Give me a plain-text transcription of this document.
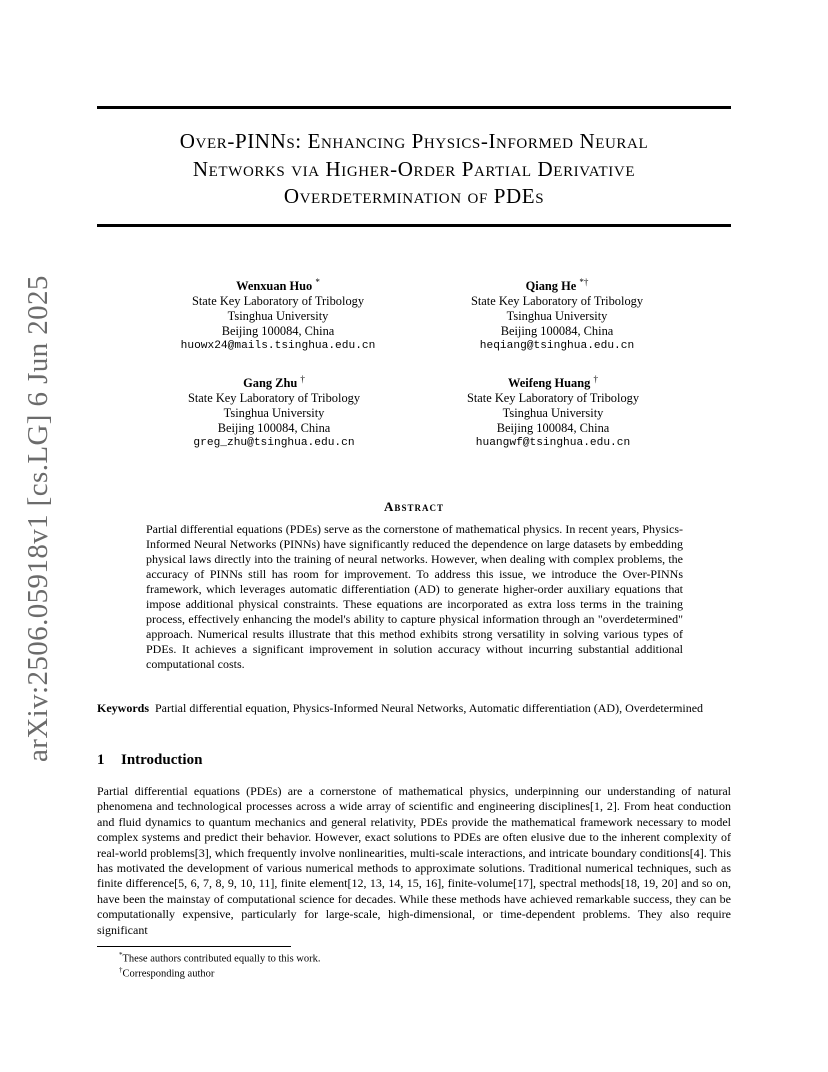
arXiv:2506.05918v1 [cs.LG] 6 Jun 2025
Over-PINNs: Enhancing Physics-Informed Neural
Networks via Higher-Order Partial Derivative
Overdetermination of PDEs
Wenxuan Huo *
State Key Laboratory of Tribology
Tsinghua University
Beijing 100084, China
huowx24@mails.tsinghua.edu.cn
Qiang He *†
State Key Laboratory of Tribology
Tsinghua University
Beijing 100084, China
heqiang@tsinghua.edu.cn
Gang Zhu †
State Key Laboratory of Tribology
Tsinghua University
Beijing 100084, China
greg_zhu@tsinghua.edu.cn
Weifeng Huang †
State Key Laboratory of Tribology
Tsinghua University
Beijing 100084, China
huangwf@tsinghua.edu.cn
Abstract
Partial differential equations (PDEs) serve as the cornerstone of mathematical physics. In recent years, Physics-Informed Neural Networks (PINNs) have significantly reduced the dependence on large datasets by embedding physical laws directly into the training of neural networks. However, when dealing with complex problems, the accuracy of PINNs still has room for improvement. To address this issue, we introduce the Over-PINNs framework, which leverages automatic differentiation (AD) to generate higher-order auxiliary equations that impose additional physical constraints. These equations are incorporated as extra loss terms in the training process, effectively enhancing the model's ability to capture physical information through an "overdetermined" approach. Numerical results illustrate that this method exhibits strong versatility in solving various types of PDEs. It achieves a significant improvement in solution accuracy without incurring substantial additional computational costs.
Keywords Partial differential equation, Physics-Informed Neural Networks, Automatic differentiation (AD), Overdetermined
1 Introduction
Partial differential equations (PDEs) are a cornerstone of mathematical physics, underpinning our understanding of natural phenomena and technological processes across a wide array of scientific and engineering disciplines[1, 2]. From heat conduction and fluid dynamics to quantum mechanics and general relativity, PDEs provide the mathematical framework necessary to model complex systems and predict their behavior. However, exact solutions to PDEs are often elusive due to the inherent complexity of real-world problems[3], which frequently involve nonlinearities, multi-scale interactions, and intricate boundary conditions[4]. This has motivated the development of various numerical methods to approximate solutions. Traditional numerical techniques, such as finite difference[5, 6, 7, 8, 9, 10, 11], finite element[12, 13, 14, 15, 16], finite-volume[17], spectral methods[18, 19, 20] and so on, have been the mainstay of computational science for decades. While these methods have achieved remarkable success, they can be computationally expensive, particularly for large-scale, high-dimensional, or time-dependent problems. They also require significant
*These authors contributed equally to this work.
†Corresponding author
